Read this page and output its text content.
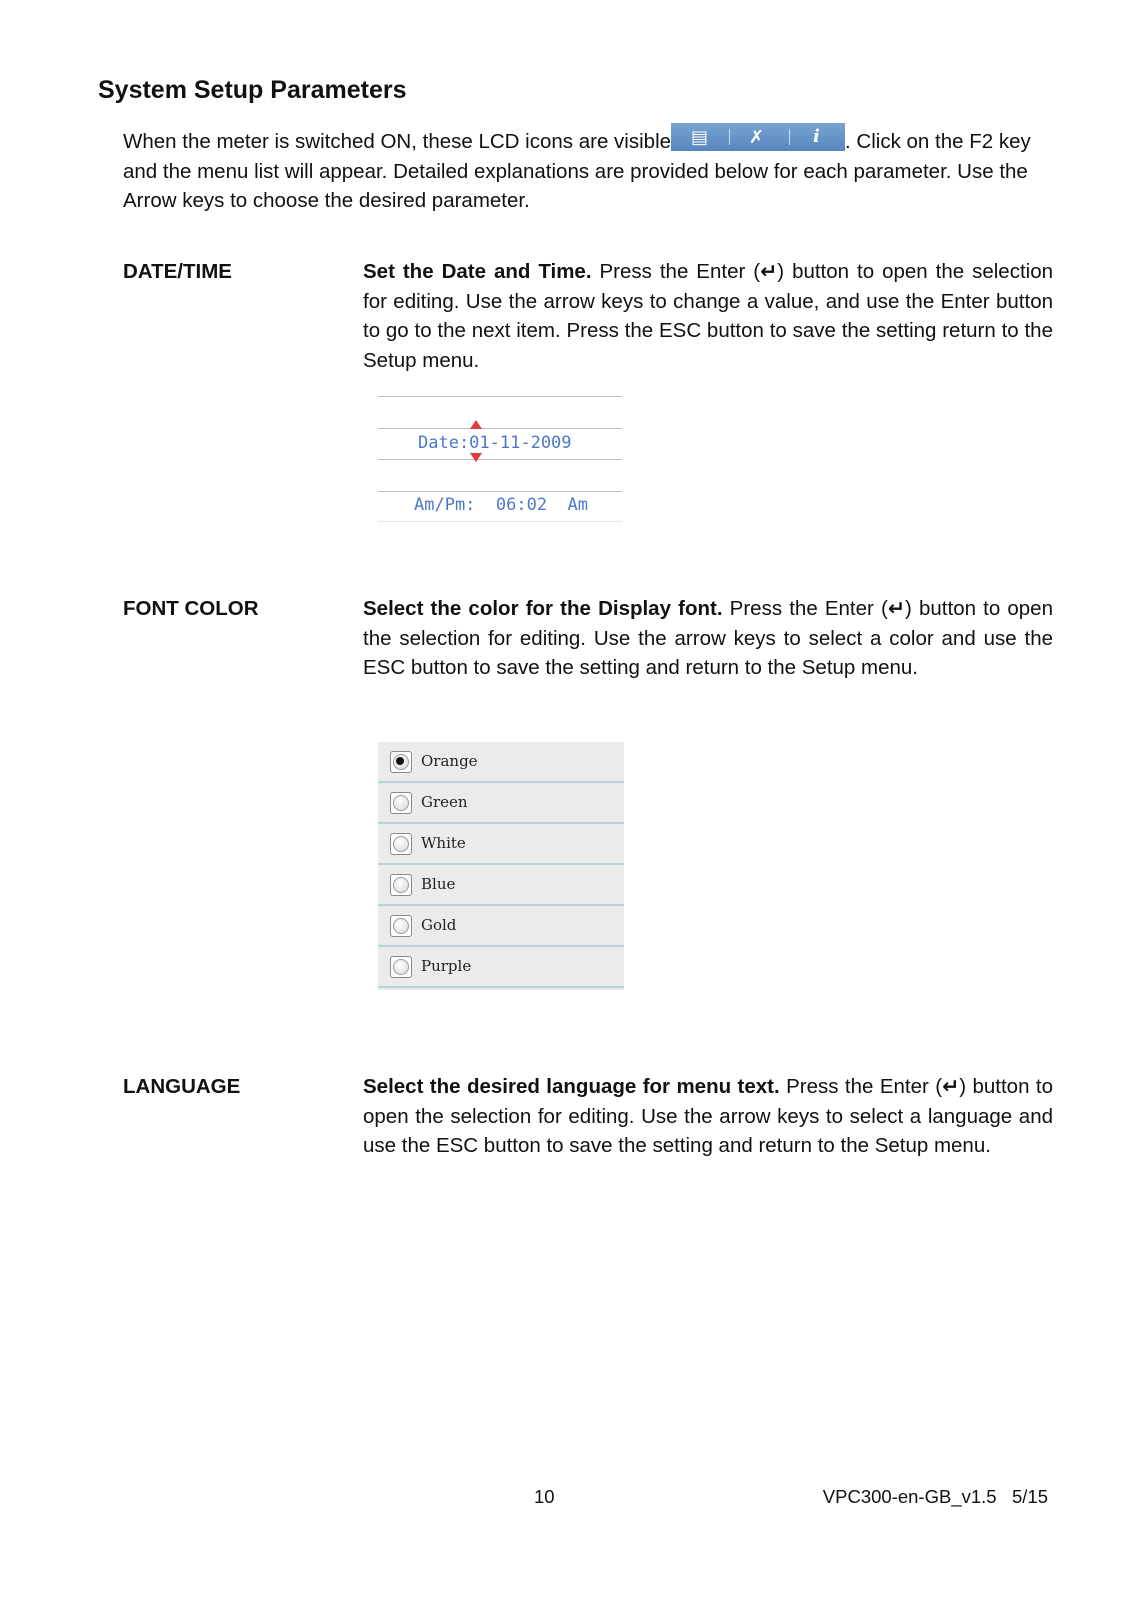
System Setup Parameters
When the meter is switched ON, these LCD icons are visible ▤ ✗	i . Click on the F2 key and the menu list will appear. Detailed explanations are provided below for each parameter. Use the Arrow keys to choose the desired parameter.
DATE/TIME	Set the Date and Time. Press the Enter (↵) button to open the selection for editing. Use the arrow keys to change a value, and use the Enter button to go to the next item. Press the ESC button to save the setting return to the Setup menu.
Date:01-11-2009
Am/Pm:  06:02  Am
FONT COLOR	Select the color for the Display font. Press the Enter (↵) button to open the selection for editing. Use the arrow keys to select a color and use the ESC button to save the setting and return to the Setup menu.
Orange
Green
White
Blue
Gold
Purple
LANGUAGE	Select the desired language for menu text. Press the Enter (↵) button to open the selection for editing. Use the arrow keys to select a language and use the ESC button to save the setting and return to the Setup menu.
10	VPC300-en-GB_v1.5   5/15
